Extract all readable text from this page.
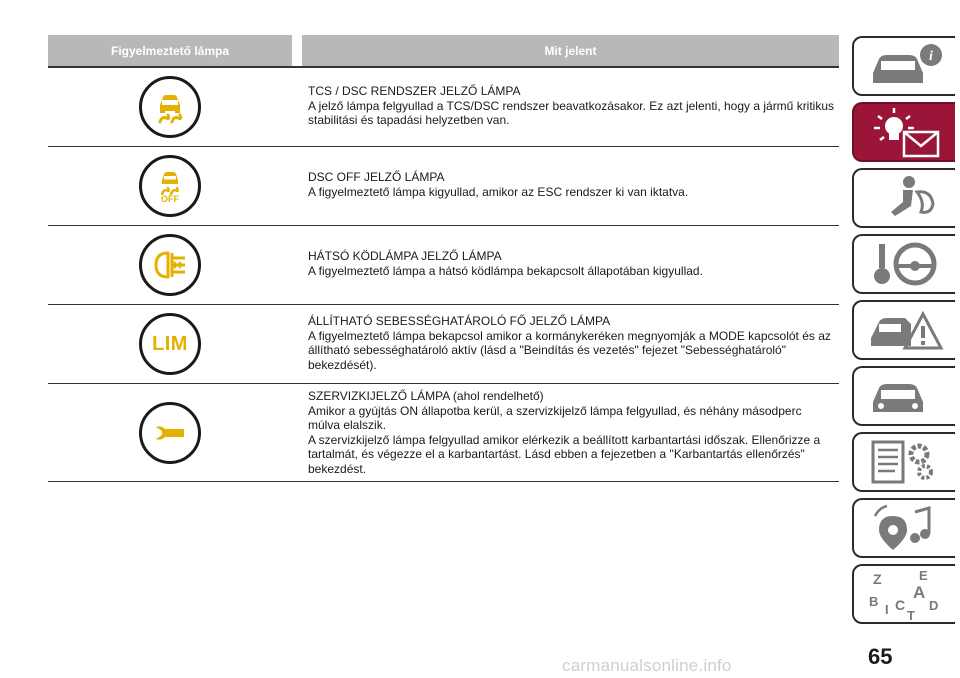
Figyelmeztető lámpa	Mit jelent

TCS / DSC RENDSZER JELZŐ LÁMPA

A jelző lámpa felgyullad a TCS/DSC rendszer beavatkozásakor. Ez azt jelenti, hogy a jármű kritikus stabilitási és tapadási helyzetben van.

OFF

DSC OFF JELZŐ LÁMPA

A figyelmeztető lámpa kigyullad, amikor az ESC rendszer ki van iktatva.

HÁTSÓ KÖDLÁMPA JELZŐ LÁMPA

A figyelmeztető lámpa a hátsó ködlámpa bekapcsolt állapotában kigyullad.

LIM

ÁLLÍTHATÓ SEBESSÉGHATÁROLÓ FŐ JELZŐ LÁMPA

A figyelmeztető lámpa bekapcsol amikor a kormánykeréken megnyomják a MODE kapcsolót és az állítható sebességhatároló aktív (lásd a "Beindítás és vezetés" fejezet "Sebességhatároló" bekezdését).

SZERVIZKIJELZŐ LÁMPA (ahol rendelhető)

Amikor a gyújtás ON állapotba kerül, a szervizkijelző lámpa felgyullad, és néhány másodperc múlva elalszik.

A szervizkijelző lámpa felgyullad amikor elérkezik a beállított karbantartási időszak. Ellenőrizze a tartalmát, és végezze el a karbantartást. Lásd ebben a fejezetben a "Karbantartás ellenőrzés" bekezdést.

i
Z	E
A
B C D
I T
65
carmanualsonline.info
